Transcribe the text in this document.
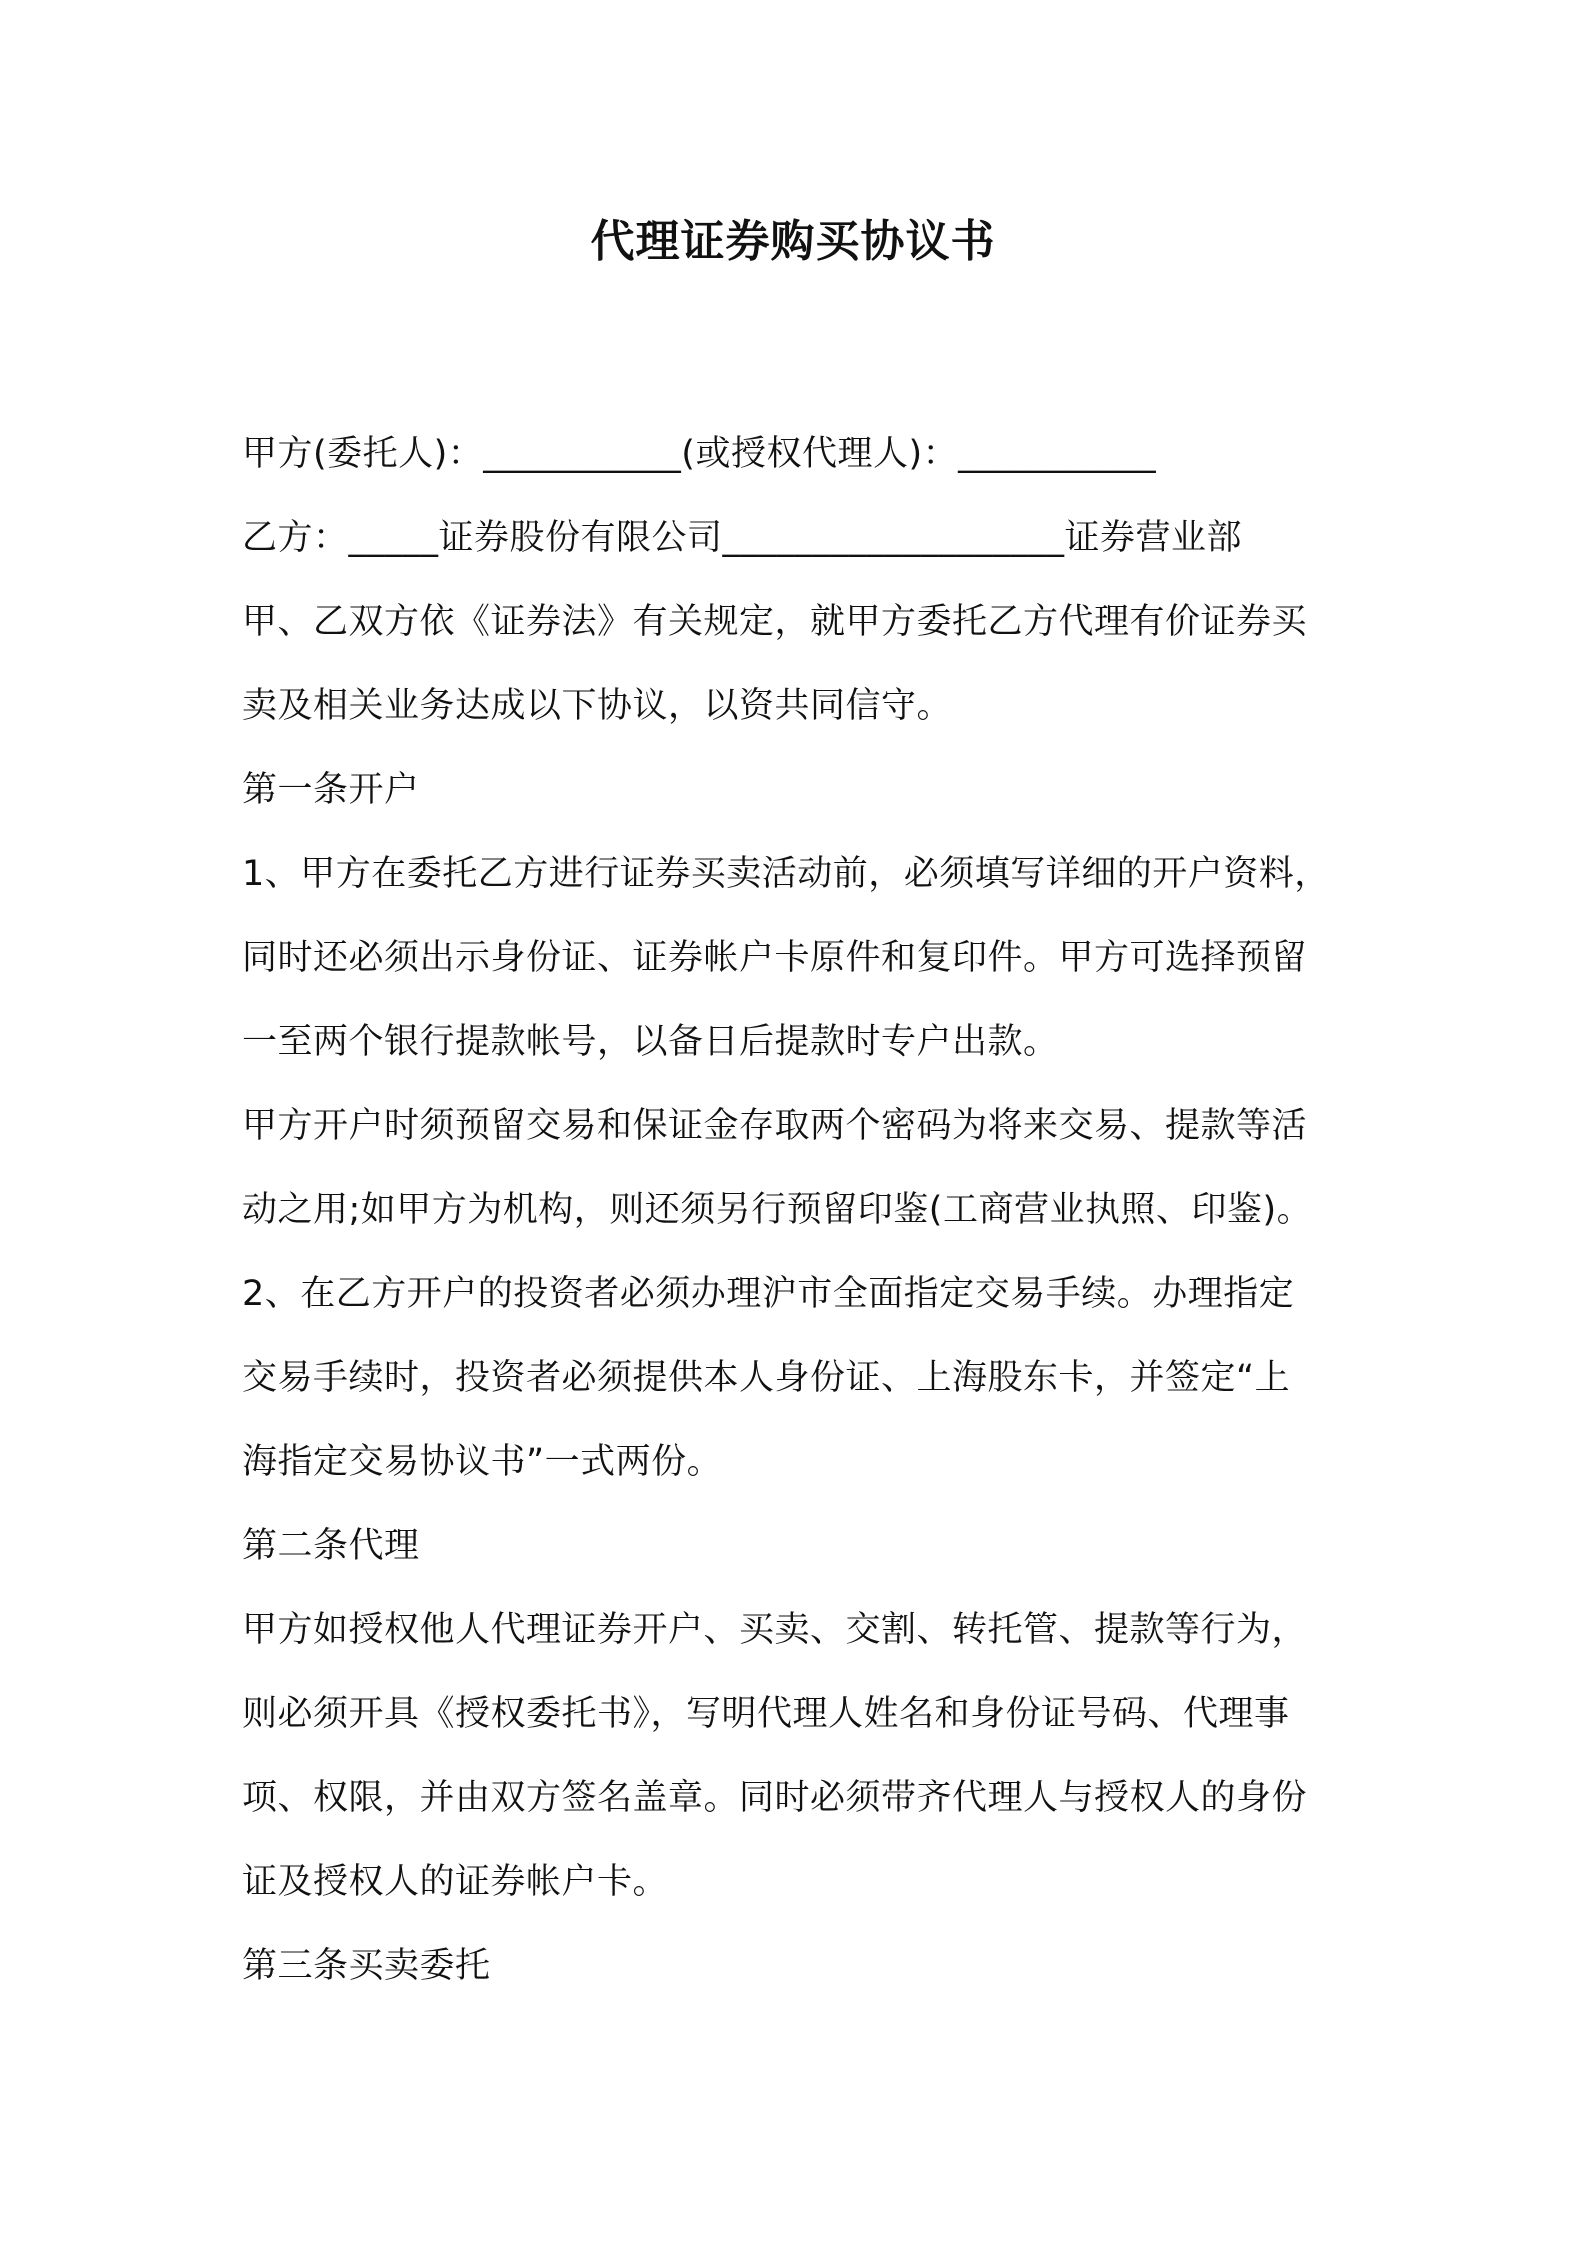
代理证券购买协议书

甲方(委托人)：___________(或授权代理人)：___________

乙方：_____证券股份有限公司___________________证券营业部

甲、乙双方依《证券法》有关规定，就甲方委托乙方代理有价证券买

卖及相关业务达成以下协议，以资共同信守。

第一条开户

1、甲方在委托乙方进行证券买卖活动前，必须填写详细的开户资料，

同时还必须出示身份证、证券帐户卡原件和复印件。甲方可选择预留

一至两个银行提款帐号，以备日后提款时专户出款。

甲方开户时须预留交易和保证金存取两个密码为将来交易、提款等活

动之用;如甲方为机构，则还须另行预留印鉴(工商营业执照、印鉴)。

2、在乙方开户的投资者必须办理沪市全面指定交易手续。办理指定

交易手续时，投资者必须提供本人身份证、上海股东卡，并签定“上

海指定交易协议书”一式两份。

第二条代理

甲方如授权他人代理证券开户、买卖、交割、转托管、提款等行为，

则必须开具《授权委托书》，写明代理人姓名和身份证号码、代理事

项、权限，并由双方签名盖章。同时必须带齐代理人与授权人的身份

证及授权人的证券帐户卡。

第三条买卖委托
